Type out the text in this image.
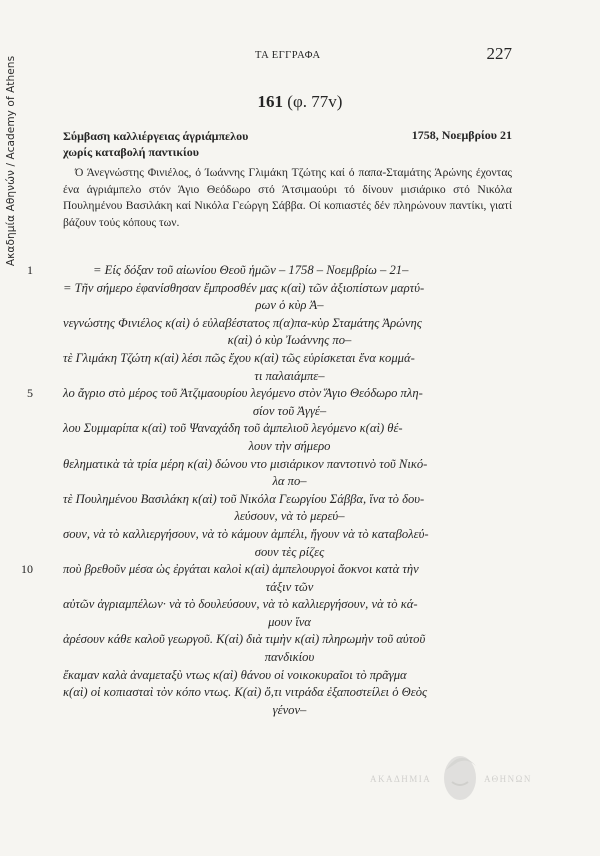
Ακαδημία Αθηνών / Academy of Athens
ΤΑ ΕΓΓΡΑΦΑ	227
161 (φ. 77v)
Σύμβαση καλλιέργειας άγριάμπελου
χωρίς καταβολή παντικίου
1758, Νοεμβρίου 21
Ό Άνεγνώστης Φινιέλος, ό Ίωάννης Γλιμάκη Τζώτης καί ό παπα-Σταμάτης Άρώνης έχοντας ένα άγριάμπελο στόν Άγιο Θεόδωρο στό Άτσιμαούρι τό δίνουν μισιάρικο στό Νικόλα Πουλημένου Βασιλάκη καί Νικόλα Γεώργη Σάββα. Οί κοπιαστές δέν πληρώνουν παντίκι, γιατί βάζουν τούς κόπους των.
1	= Είς δόξαν τοῦ αἰωνίου Θεοῦ ἡμῶν – 1758 – Νοεμβρίω – 21–
= Τῆν σήμερο ἐφανίσθησαν ἔμπροσθέν μας κ(αὶ) τῶν ἀξιοπίστων μαρτύ-
ρων ὁ κὺρ Ἀ–
νεγνώστης Φινιέλος κ(αὶ) ὁ εὐλαβέστατος π(α)πα-κὺρ Σταμάτης Ἀρώνης
κ(αὶ) ὁ κὺρ Ἰωάννης πο–
τὲ Γλιμάκη Τζώτη κ(αὶ) λέσι πῶς ἔχου κ(αὶ) τῶς εὑρίσκεται ἕνα κομμά-
τι παλαιάμπε–
5 λο ἄγριο στὸ μέρος τοῦ Ἀτζιμαουρίου λεγόμενο στὸν Ἅγιο Θεόδωρο πλη-
σίον τοῦ Ἀγγέ–
λου Συμμαρίπα κ(αὶ) τοῦ Ψαναχάδη τοῦ ἀμπελιοῦ λεγόμενο κ(αὶ) θέ-
λουν τὴν σήμερο
θεληματικὰ τὰ τρία μέρη κ(αὶ) δώνου ντο μισιάρικον παντοτινὸ τοῦ Νικό-
λα πο–
τὲ Πουλημένου Βασιλάκη κ(αὶ) τοῦ Νικόλα Γεωργίου Σάββα, ἵνα τὸ δου-
λεύσουν, νὰ τὸ μερεύ–
σουν, νὰ τὸ καλλιεργήσουν, νὰ τὸ κάμουν ἀμπέλι, ἤγουν νὰ τὸ καταβολεύ-
σουν τὲς ρίζες
10 ποὺ βρεθοῦν μέσα ὡς ἐργάται καλοὶ κ(αὶ) ἀμπελουργοὶ ἄοκνοι κατὰ τὴν
τάξιν τῶν
αὐτῶν ἀγριαμπέλων· νὰ τὸ δουλεύσουν, νὰ τὸ καλλιεργήσουν, νὰ τὸ κά-
μουν ἵνα
ἀρέσουν κάθε καλοῦ γεωργοῦ. Κ(αὶ) διὰ τιμὴν κ(αὶ) πληρωμὴν τοῦ αὐτοῦ
πανδικίου
ἔκαμαν καλὰ ἀναμεταξὺ ντως κ(αὶ) θάνου οἱ νοικοκυραῖοι τὸ πρᾶγμα
κ(αὶ) οἱ κοπιασταὶ τὸν κόπο ντως. Κ(αὶ) ὅ,τι νιτράδα ἐξαποστείλει ὁ Θεὸς
γένον–
ΑΚΑΔΗΜΙΑ	ΑΘΗΝΩΝ
